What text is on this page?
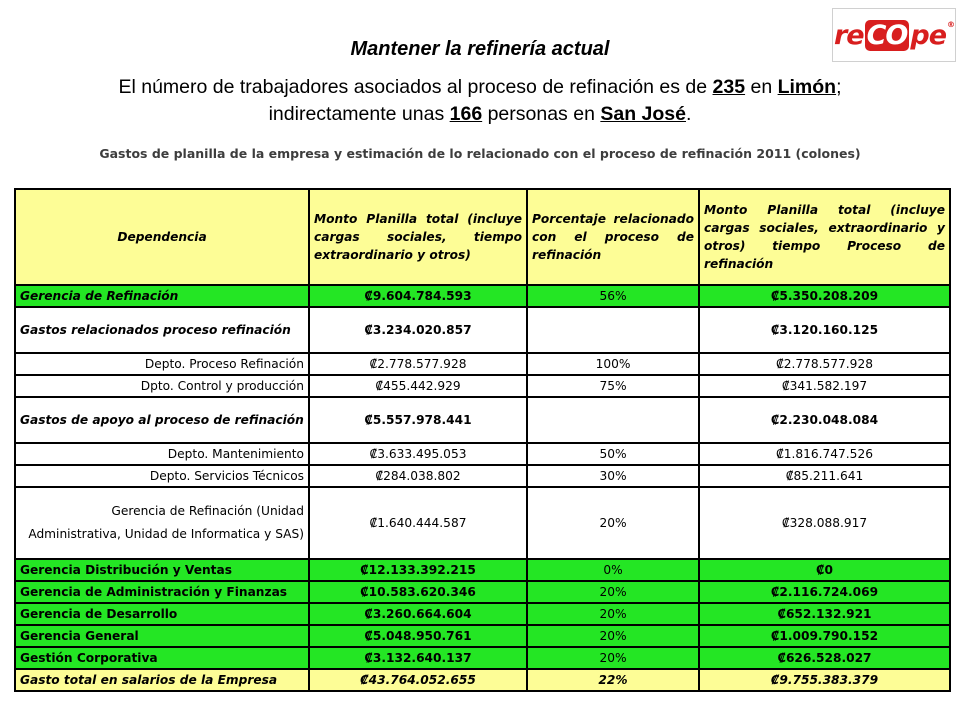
re CO pe ®
Mantener la refinería actual
El número de trabajadores asociados al proceso de refinación es de 235 en Limón; indirectamente unas 166 personas en San José.
Gastos de planilla de la empresa y estimación de lo relacionado con el proceso de refinación 2011 (colones)
Dependencia	Monto Planilla total (incluye cargas sociales, tiempo extraordinario y otros)	Porcentaje relacionado con el proceso de refinación	Monto Planilla total (incluye cargas sociales, extraordinario y otros) tiempo Proceso de refinación
Gerencia de Refinación	₡9.604.784.593	56%	₡5.350.208.209
Gastos relacionados proceso refinación	₡3.234.020.857		₡3.120.160.125
Depto. Proceso Refinación	₡2.778.577.928	100%	₡2.778.577.928
Dpto. Control y producción	₡455.442.929	75%	₡341.582.197
Gastos de apoyo al proceso de refinación	₡5.557.978.441		₡2.230.048.084
Depto. Mantenimiento	₡3.633.495.053	50%	₡1.816.747.526
Depto. Servicios Técnicos	₡284.038.802	30%	₡85.211.641
Gerencia de Refinación (Unidad Administrativa, Unidad de Informatica y SAS)	₡1.640.444.587	20%	₡328.088.917
Gerencia Distribución y Ventas	₡12.133.392.215	0%	₡0
Gerencia de Administración y Finanzas	₡10.583.620.346	20%	₡2.116.724.069
Gerencia de Desarrollo	₡3.260.664.604	20%	₡652.132.921
Gerencia General	₡5.048.950.761	20%	₡1.009.790.152
Gestión Corporativa	₡3.132.640.137	20%	₡626.528.027
Gasto total en salarios de la Empresa	₡43.764.052.655	22%	₡9.755.383.379
